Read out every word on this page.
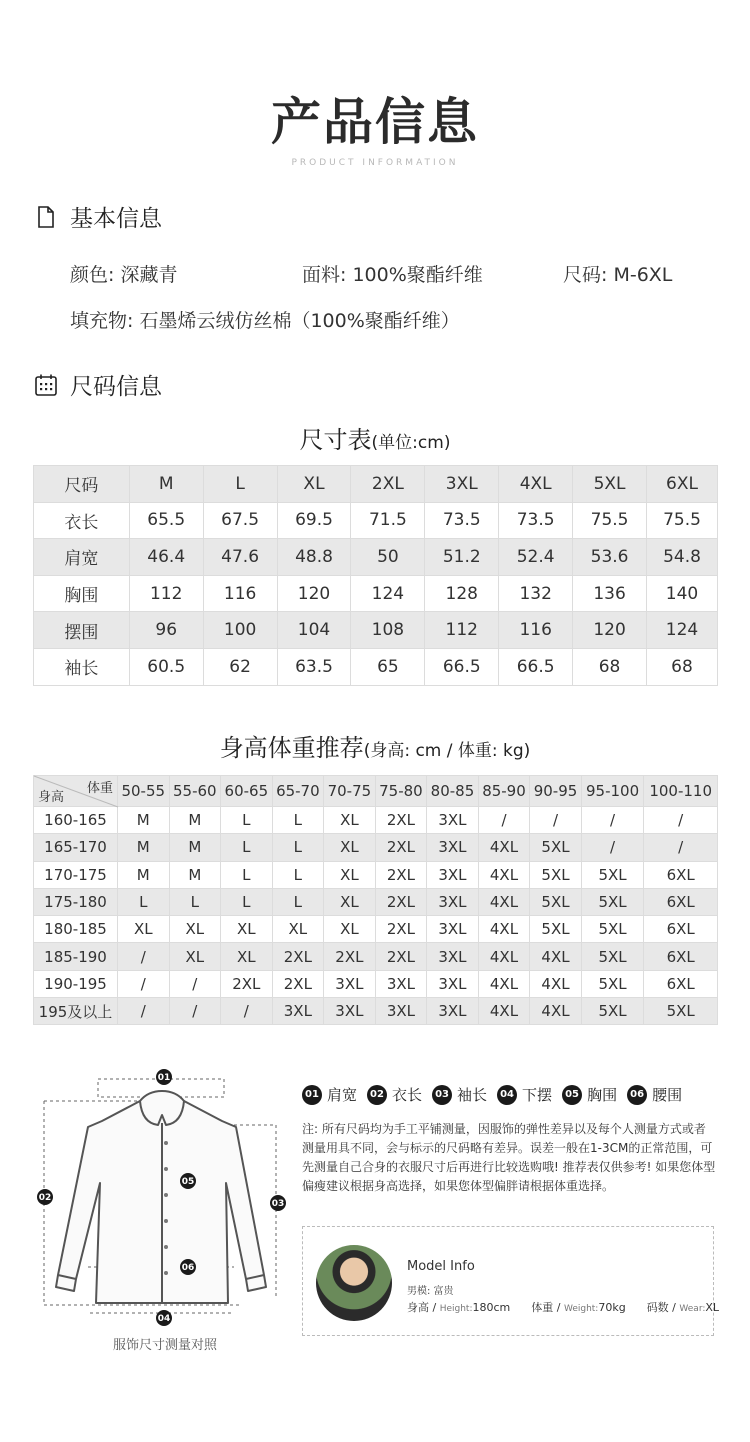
产品信息
PRODUCT INFORMATION
基本信息
颜色: 深藏青	面料: 100%聚酯纤维	尺码: M-6XL
填充物: 石墨烯云绒仿丝棉（100%聚酯纤维）
尺码信息
尺寸表(单位:cm)
尺码	M	L	XL	2XL	3XL	4XL	5XL	6XL
衣长	65.5	67.5	69.5	71.5	73.5	73.5	75.5	75.5
肩宽	46.4	47.6	48.8	50	51.2	52.4	53.6	54.8
胸围	112	116	120	124	128	132	136	140
摆围	96	100	104	108	112	116	120	124
袖长	60.5	62	63.5	65	66.5	66.5	68	68
身高体重推荐(身高: cm / 体重: kg)
体重
身高	50-55	55-60	60-65	65-70	70-75	75-80	80-85	85-90	90-95	95-100	100-110
160-165	M	M	L	L	XL	2XL	3XL	/	/	/	/
165-170	M	M	L	L	XL	2XL	3XL	4XL	5XL	/	/
170-175	M	M	L	L	XL	2XL	3XL	4XL	5XL	5XL	6XL
175-180	L	L	L	L	XL	2XL	3XL	4XL	5XL	5XL	6XL
180-185	XL	XL	XL	XL	XL	2XL	3XL	4XL	5XL	5XL	6XL
185-190	/	XL	XL	2XL	2XL	2XL	3XL	4XL	4XL	5XL	6XL
190-195	/	/	2XL	2XL	3XL	3XL	3XL	4XL	4XL	5XL	6XL
195及以上	/	/	/	3XL	3XL	3XL	3XL	4XL	4XL	5XL	5XL
01
02
03
04
05
06
服饰尺寸测量对照
01 肩宽	02 衣长	03 袖长	04 下摆	05 胸围	06 腰围
注: 所有尺码均为手工平铺测量，因服饰的弹性差异以及每个人测量方式或者测量用具不同，会与标示的尺码略有差异。误差一般在1-3CM的正常范围，可先测量自己合身的衣服尺寸后再进行比较选购哦! 推荐表仅供参考! 如果您体型偏瘦建议根据身高选择，如果您体型偏胖请根据体重选择。
Model Info
男模: 富贵
身高 / Height:180cm 体重 / Weight:70kg 码数 / Wear:XL
